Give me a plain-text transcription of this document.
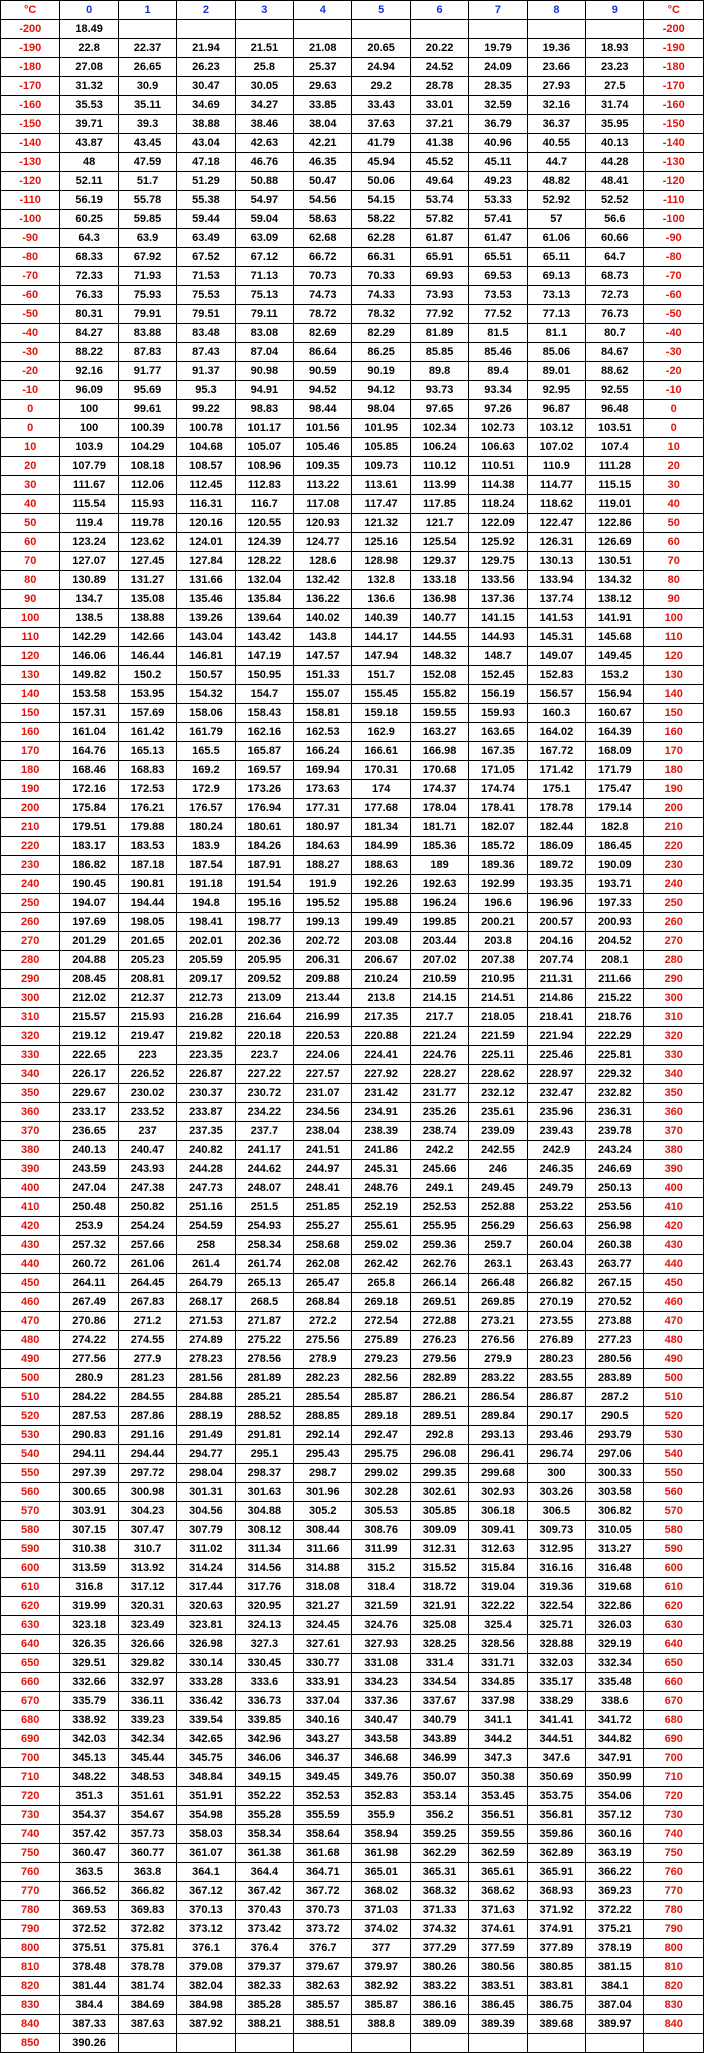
°C	0	1	2	3	4	5	6	7	8	9	°C
-200	18.49										-200
-190	22.8	22.37	21.94	21.51	21.08	20.65	20.22	19.79	19.36	18.93	-190
-180	27.08	26.65	26.23	25.8	25.37	24.94	24.52	24.09	23.66	23.23	-180
-170	31.32	30.9	30.47	30.05	29.63	29.2	28.78	28.35	27.93	27.5	-170
-160	35.53	35.11	34.69	34.27	33.85	33.43	33.01	32.59	32.16	31.74	-160
-150	39.71	39.3	38.88	38.46	38.04	37.63	37.21	36.79	36.37	35.95	-150
-140	43.87	43.45	43.04	42.63	42.21	41.79	41.38	40.96	40.55	40.13	-140
-130	48	47.59	47.18	46.76	46.35	45.94	45.52	45.11	44.7	44.28	-130
-120	52.11	51.7	51.29	50.88	50.47	50.06	49.64	49.23	48.82	48.41	-120
-110	56.19	55.78	55.38	54.97	54.56	54.15	53.74	53.33	52.92	52.52	-110
-100	60.25	59.85	59.44	59.04	58.63	58.22	57.82	57.41	57	56.6	-100
-90	64.3	63.9	63.49	63.09	62.68	62.28	61.87	61.47	61.06	60.66	-90
-80	68.33	67.92	67.52	67.12	66.72	66.31	65.91	65.51	65.11	64.7	-80
-70	72.33	71.93	71.53	71.13	70.73	70.33	69.93	69.53	69.13	68.73	-70
-60	76.33	75.93	75.53	75.13	74.73	74.33	73.93	73.53	73.13	72.73	-60
-50	80.31	79.91	79.51	79.11	78.72	78.32	77.92	77.52	77.13	76.73	-50
-40	84.27	83.88	83.48	83.08	82.69	82.29	81.89	81.5	81.1	80.7	-40
-30	88.22	87.83	87.43	87.04	86.64	86.25	85.85	85.46	85.06	84.67	-30
-20	92.16	91.77	91.37	90.98	90.59	90.19	89.8	89.4	89.01	88.62	-20
-10	96.09	95.69	95.3	94.91	94.52	94.12	93.73	93.34	92.95	92.55	-10
0	100	99.61	99.22	98.83	98.44	98.04	97.65	97.26	96.87	96.48	0
0	100	100.39	100.78	101.17	101.56	101.95	102.34	102.73	103.12	103.51	0
10	103.9	104.29	104.68	105.07	105.46	105.85	106.24	106.63	107.02	107.4	10
20	107.79	108.18	108.57	108.96	109.35	109.73	110.12	110.51	110.9	111.28	20
30	111.67	112.06	112.45	112.83	113.22	113.61	113.99	114.38	114.77	115.15	30
40	115.54	115.93	116.31	116.7	117.08	117.47	117.85	118.24	118.62	119.01	40
50	119.4	119.78	120.16	120.55	120.93	121.32	121.7	122.09	122.47	122.86	50
60	123.24	123.62	124.01	124.39	124.77	125.16	125.54	125.92	126.31	126.69	60
70	127.07	127.45	127.84	128.22	128.6	128.98	129.37	129.75	130.13	130.51	70
80	130.89	131.27	131.66	132.04	132.42	132.8	133.18	133.56	133.94	134.32	80
90	134.7	135.08	135.46	135.84	136.22	136.6	136.98	137.36	137.74	138.12	90
100	138.5	138.88	139.26	139.64	140.02	140.39	140.77	141.15	141.53	141.91	100
110	142.29	142.66	143.04	143.42	143.8	144.17	144.55	144.93	145.31	145.68	110
120	146.06	146.44	146.81	147.19	147.57	147.94	148.32	148.7	149.07	149.45	120
130	149.82	150.2	150.57	150.95	151.33	151.7	152.08	152.45	152.83	153.2	130
140	153.58	153.95	154.32	154.7	155.07	155.45	155.82	156.19	156.57	156.94	140
150	157.31	157.69	158.06	158.43	158.81	159.18	159.55	159.93	160.3	160.67	150
160	161.04	161.42	161.79	162.16	162.53	162.9	163.27	163.65	164.02	164.39	160
170	164.76	165.13	165.5	165.87	166.24	166.61	166.98	167.35	167.72	168.09	170
180	168.46	168.83	169.2	169.57	169.94	170.31	170.68	171.05	171.42	171.79	180
190	172.16	172.53	172.9	173.26	173.63	174	174.37	174.74	175.1	175.47	190
200	175.84	176.21	176.57	176.94	177.31	177.68	178.04	178.41	178.78	179.14	200
210	179.51	179.88	180.24	180.61	180.97	181.34	181.71	182.07	182.44	182.8	210
220	183.17	183.53	183.9	184.26	184.63	184.99	185.36	185.72	186.09	186.45	220
230	186.82	187.18	187.54	187.91	188.27	188.63	189	189.36	189.72	190.09	230
240	190.45	190.81	191.18	191.54	191.9	192.26	192.63	192.99	193.35	193.71	240
250	194.07	194.44	194.8	195.16	195.52	195.88	196.24	196.6	196.96	197.33	250
260	197.69	198.05	198.41	198.77	199.13	199.49	199.85	200.21	200.57	200.93	260
270	201.29	201.65	202.01	202.36	202.72	203.08	203.44	203.8	204.16	204.52	270
280	204.88	205.23	205.59	205.95	206.31	206.67	207.02	207.38	207.74	208.1	280
290	208.45	208.81	209.17	209.52	209.88	210.24	210.59	210.95	211.31	211.66	290
300	212.02	212.37	212.73	213.09	213.44	213.8	214.15	214.51	214.86	215.22	300
310	215.57	215.93	216.28	216.64	216.99	217.35	217.7	218.05	218.41	218.76	310
320	219.12	219.47	219.82	220.18	220.53	220.88	221.24	221.59	221.94	222.29	320
330	222.65	223	223.35	223.7	224.06	224.41	224.76	225.11	225.46	225.81	330
340	226.17	226.52	226.87	227.22	227.57	227.92	228.27	228.62	228.97	229.32	340
350	229.67	230.02	230.37	230.72	231.07	231.42	231.77	232.12	232.47	232.82	350
360	233.17	233.52	233.87	234.22	234.56	234.91	235.26	235.61	235.96	236.31	360
370	236.65	237	237.35	237.7	238.04	238.39	238.74	239.09	239.43	239.78	370
380	240.13	240.47	240.82	241.17	241.51	241.86	242.2	242.55	242.9	243.24	380
390	243.59	243.93	244.28	244.62	244.97	245.31	245.66	246	246.35	246.69	390
400	247.04	247.38	247.73	248.07	248.41	248.76	249.1	249.45	249.79	250.13	400
410	250.48	250.82	251.16	251.5	251.85	252.19	252.53	252.88	253.22	253.56	410
420	253.9	254.24	254.59	254.93	255.27	255.61	255.95	256.29	256.63	256.98	420
430	257.32	257.66	258	258.34	258.68	259.02	259.36	259.7	260.04	260.38	430
440	260.72	261.06	261.4	261.74	262.08	262.42	262.76	263.1	263.43	263.77	440
450	264.11	264.45	264.79	265.13	265.47	265.8	266.14	266.48	266.82	267.15	450
460	267.49	267.83	268.17	268.5	268.84	269.18	269.51	269.85	270.19	270.52	460
470	270.86	271.2	271.53	271.87	272.2	272.54	272.88	273.21	273.55	273.88	470
480	274.22	274.55	274.89	275.22	275.56	275.89	276.23	276.56	276.89	277.23	480
490	277.56	277.9	278.23	278.56	278.9	279.23	279.56	279.9	280.23	280.56	490
500	280.9	281.23	281.56	281.89	282.23	282.56	282.89	283.22	283.55	283.89	500
510	284.22	284.55	284.88	285.21	285.54	285.87	286.21	286.54	286.87	287.2	510
520	287.53	287.86	288.19	288.52	288.85	289.18	289.51	289.84	290.17	290.5	520
530	290.83	291.16	291.49	291.81	292.14	292.47	292.8	293.13	293.46	293.79	530
540	294.11	294.44	294.77	295.1	295.43	295.75	296.08	296.41	296.74	297.06	540
550	297.39	297.72	298.04	298.37	298.7	299.02	299.35	299.68	300	300.33	550
560	300.65	300.98	301.31	301.63	301.96	302.28	302.61	302.93	303.26	303.58	560
570	303.91	304.23	304.56	304.88	305.2	305.53	305.85	306.18	306.5	306.82	570
580	307.15	307.47	307.79	308.12	308.44	308.76	309.09	309.41	309.73	310.05	580
590	310.38	310.7	311.02	311.34	311.66	311.99	312.31	312.63	312.95	313.27	590
600	313.59	313.92	314.24	314.56	314.88	315.2	315.52	315.84	316.16	316.48	600
610	316.8	317.12	317.44	317.76	318.08	318.4	318.72	319.04	319.36	319.68	610
620	319.99	320.31	320.63	320.95	321.27	321.59	321.91	322.22	322.54	322.86	620
630	323.18	323.49	323.81	324.13	324.45	324.76	325.08	325.4	325.71	326.03	630
640	326.35	326.66	326.98	327.3	327.61	327.93	328.25	328.56	328.88	329.19	640
650	329.51	329.82	330.14	330.45	330.77	331.08	331.4	331.71	332.03	332.34	650
660	332.66	332.97	333.28	333.6	333.91	334.23	334.54	334.85	335.17	335.48	660
670	335.79	336.11	336.42	336.73	337.04	337.36	337.67	337.98	338.29	338.6	670
680	338.92	339.23	339.54	339.85	340.16	340.47	340.79	341.1	341.41	341.72	680
690	342.03	342.34	342.65	342.96	343.27	343.58	343.89	344.2	344.51	344.82	690
700	345.13	345.44	345.75	346.06	346.37	346.68	346.99	347.3	347.6	347.91	700
710	348.22	348.53	348.84	349.15	349.45	349.76	350.07	350.38	350.69	350.99	710
720	351.3	351.61	351.91	352.22	352.53	352.83	353.14	353.45	353.75	354.06	720
730	354.37	354.67	354.98	355.28	355.59	355.9	356.2	356.51	356.81	357.12	730
740	357.42	357.73	358.03	358.34	358.64	358.94	359.25	359.55	359.86	360.16	740
750	360.47	360.77	361.07	361.38	361.68	361.98	362.29	362.59	362.89	363.19	750
760	363.5	363.8	364.1	364.4	364.71	365.01	365.31	365.61	365.91	366.22	760
770	366.52	366.82	367.12	367.42	367.72	368.02	368.32	368.62	368.93	369.23	770
780	369.53	369.83	370.13	370.43	370.73	371.03	371.33	371.63	371.92	372.22	780
790	372.52	372.82	373.12	373.42	373.72	374.02	374.32	374.61	374.91	375.21	790
800	375.51	375.81	376.1	376.4	376.7	377	377.29	377.59	377.89	378.19	800
810	378.48	378.78	379.08	379.37	379.67	379.97	380.26	380.56	380.85	381.15	810
820	381.44	381.74	382.04	382.33	382.63	382.92	383.22	383.51	383.81	384.1	820
830	384.4	384.69	384.98	385.28	385.57	385.87	386.16	386.45	386.75	387.04	830
840	387.33	387.63	387.92	388.21	388.51	388.8	389.09	389.39	389.68	389.97	840
850	390.26										
